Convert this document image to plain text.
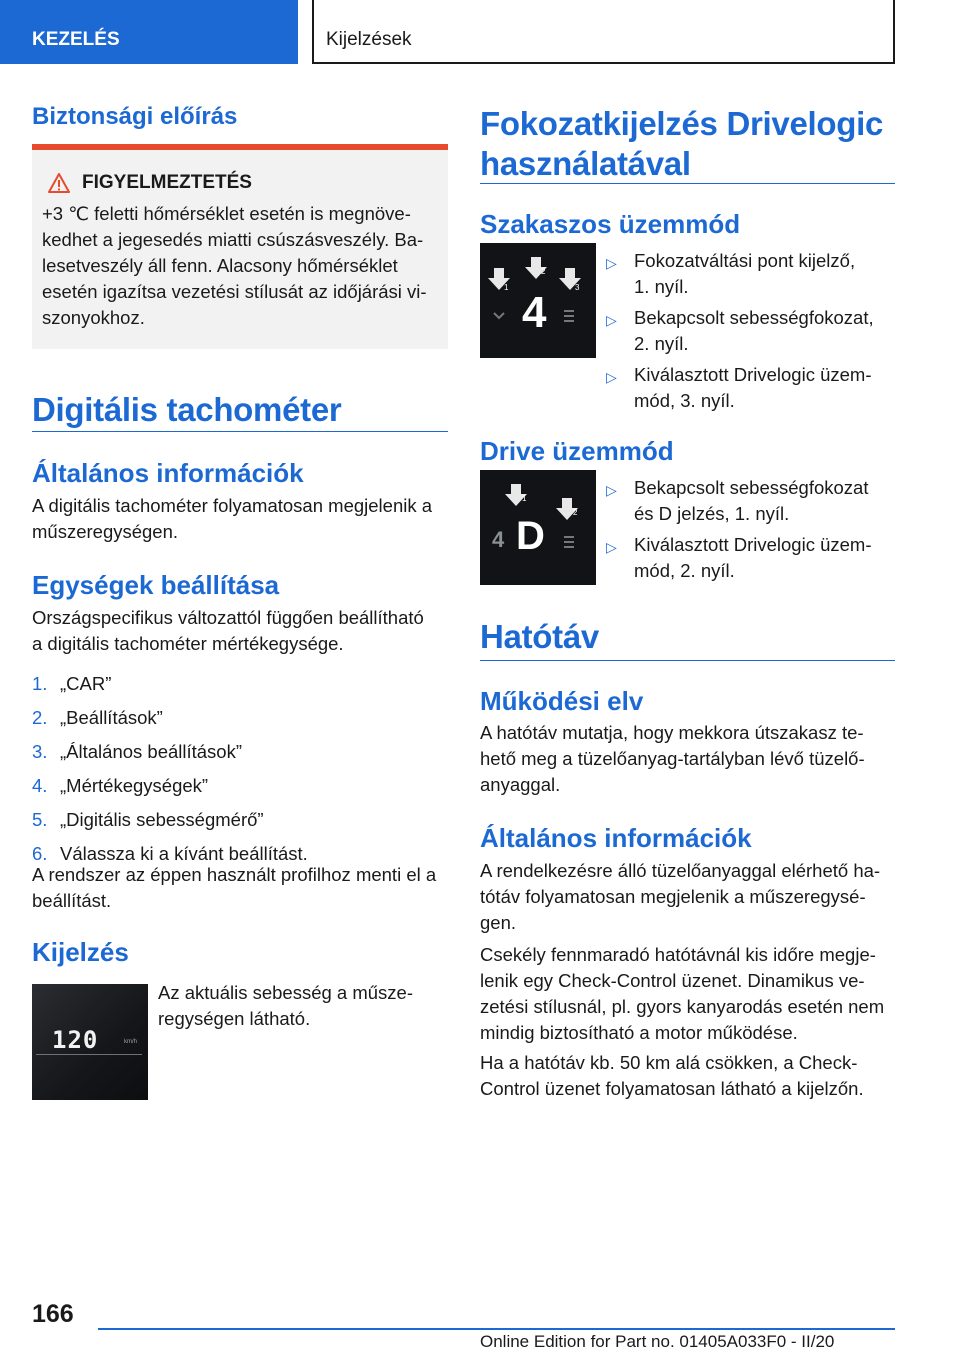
KEZELÉS	Kijelzések
Biztonsági előírás
FIGYELMEZTETÉS
+3 ℃ feletti hőmérséklet esetén is megnöve-
kedhet a jegesedés miatti csúszásveszély. Ba-
lesetveszély áll fenn. Alacsony hőmérséklet
esetén igazítsa vezetési stílusát az időjárási vi-
szonyokhoz.
Digitális tachométer
Általános információk
A digitális tachométer folyamatosan megjelenik a
műszeregységen.
Egységek beállítása
Országspecifikus változattól függően beállítható
a digitális tachométer mértékegysége.
1. „CAR”
2. „Beállítások”
3. „Általános beállítások”
4. „Mértékegységek”
5. „Digitális sebességmérő”
6. Válassza ki a kívánt beállítást.
A rendszer az éppen használt profilhoz menti el a
beállítást.
Kijelzés
120	km/h
Az aktuális sebesség a műsze-
regységen látható.
Fokozatkijelzés Drivelogic
használatával
Szakaszos üzemmód
1
2
3
4
▷ Fokozatváltási pont kijelző,
1. nyíl.
▷ Bekapcsolt sebességfokozat,
2. nyíl.
▷ Kiválasztott Drivelogic üzem-
mód, 3. nyíl.
Drive üzemmód
1
2
4 D
▷ Bekapcsolt sebességfokozat
és D jelzés, 1. nyíl.
▷ Kiválasztott Drivelogic üzem-
mód, 2. nyíl.
Hatótáv
Működési elv
A hatótáv mutatja, hogy mekkora útszakasz te-
hető meg a tüzelőanyag-tartályban lévő tüzelő-
anyaggal.
Általános információk
A rendelkezésre álló tüzelőanyaggal elérhető ha-
tótáv folyamatosan megjelenik a műszeregysé-
gen.
Csekély fennmaradó hatótávnál kis időre megje-
lenik egy Check-Control üzenet. Dinamikus ve-
zetési stílusnál, pl. gyors kanyarodás esetén nem
mindig biztosítható a motor működése.
Ha a hatótáv kb. 50 km alá csökken, a Check-
Control üzenet folyamatosan látható a kijelzőn.
166
Online Edition for Part no. 01405A033F0 - II/20
